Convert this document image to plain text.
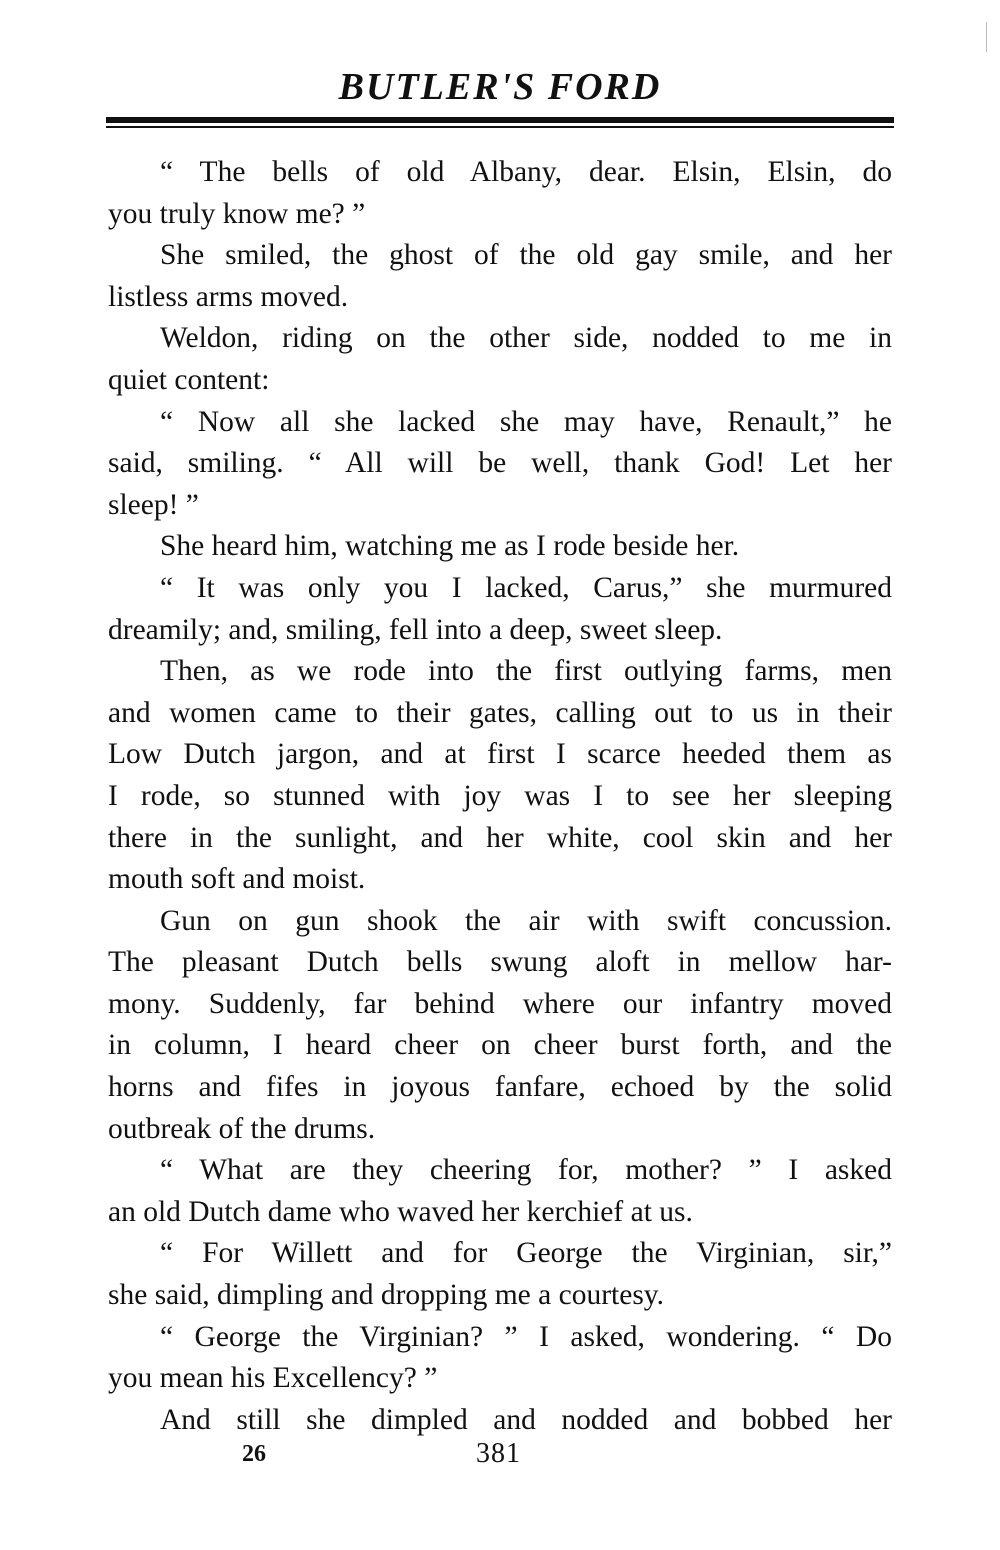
BUTLER'S FORD
“ The bells of old Albany, dear. Elsin, Elsin, do
you truly know me? ”
She smiled, the ghost of the old gay smile, and her
listless arms moved.
Weldon, riding on the other side, nodded to me in
quiet content:
“ Now all she lacked she may have, Renault,” he
said, smiling. “ All will be well, thank God! Let her
sleep! ”
She heard him, watching me as I rode beside her.
“ It was only you I lacked, Carus,” she murmured
dreamily; and, smiling, fell into a deep, sweet sleep.
Then, as we rode into the first outlying farms, men
and women came to their gates, calling out to us in their
Low Dutch jargon, and at first I scarce heeded them as
I rode, so stunned with joy was I to see her sleeping
there in the sunlight, and her white, cool skin and her
mouth soft and moist.
Gun on gun shook the air with swift concussion.
The pleasant Dutch bells swung aloft in mellow har-
mony. Suddenly, far behind where our infantry moved
in column, I heard cheer on cheer burst forth, and the
horns and fifes in joyous fanfare, echoed by the solid
outbreak of the drums.
“ What are they cheering for, mother? ” I asked
an old Dutch dame who waved her kerchief at us.
“ For Willett and for George the Virginian, sir,”
she said, dimpling and dropping me a courtesy.
“ George the Virginian? ” I asked, wondering. “ Do
you mean his Excellency? ”
And still she dimpled and nodded and bobbed her
26	381
